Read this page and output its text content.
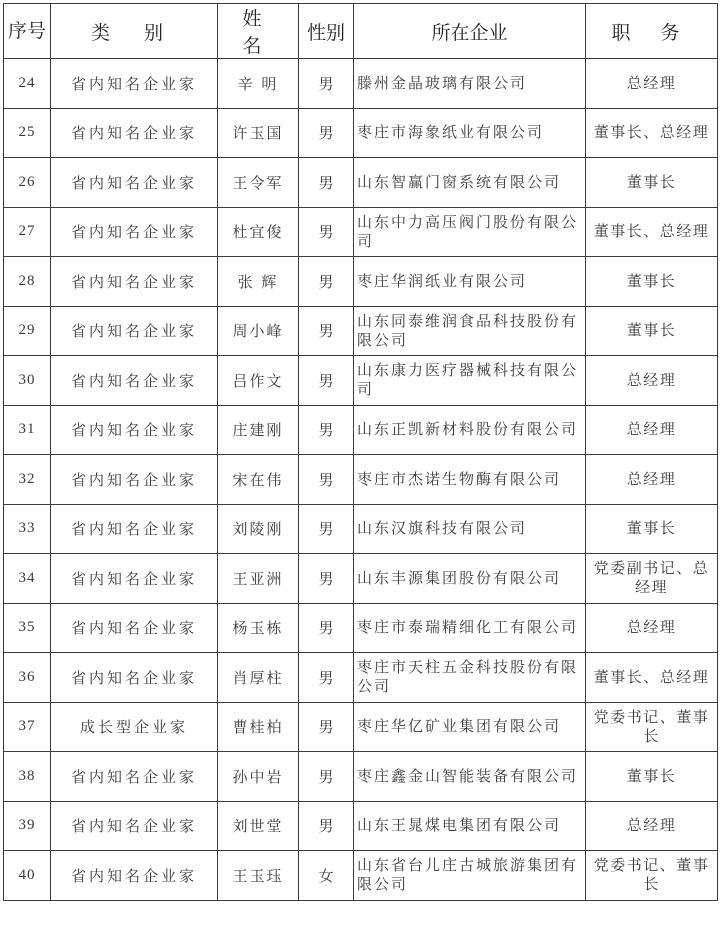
序号	类 别	姓 名	性别	所在企业	职 务
24	省内知名企业家	辛 明	男	滕州金晶玻璃有限公司	总经理
25	省内知名企业家	许玉国	男	枣庄市海象纸业有限公司	董事长、总经理
26	省内知名企业家	王令军	男	山东智赢门窗系统有限公司	董事长
27	省内知名企业家	杜宜俊	男	山东中力高压阀门股份有限公司	董事长、总经理
28	省内知名企业家	张 辉	男	枣庄华润纸业有限公司	董事长
29	省内知名企业家	周小峰	男	山东同泰维润食品科技股份有限公司	董事长
30	省内知名企业家	吕作文	男	山东康力医疗器械科技有限公司	总经理
31	省内知名企业家	庄建刚	男	山东正凯新材料股份有限公司	总经理
32	省内知名企业家	宋在伟	男	枣庄市杰诺生物酶有限公司	总经理
33	省内知名企业家	刘陵刚	男	山东汉旗科技有限公司	董事长
34	省内知名企业家	王亚洲	男	山东丰源集团股份有限公司	党委副书记、总经理
35	省内知名企业家	杨玉栋	男	枣庄市泰瑞精细化工有限公司	总经理
36	省内知名企业家	肖厚柱	男	枣庄市天柱五金科技股份有限公司	董事长、总经理
37	成长型企业家	曹桂柏	男	枣庄华亿矿业集团有限公司	党委书记、董事长
38	省内知名企业家	孙中岩	男	枣庄鑫金山智能装备有限公司	董事长
39	省内知名企业家	刘世堂	男	山东王晁煤电集团有限公司	总经理
40	省内知名企业家	王玉珏	女	山东省台儿庄古城旅游集团有限公司	党委书记、董事长
